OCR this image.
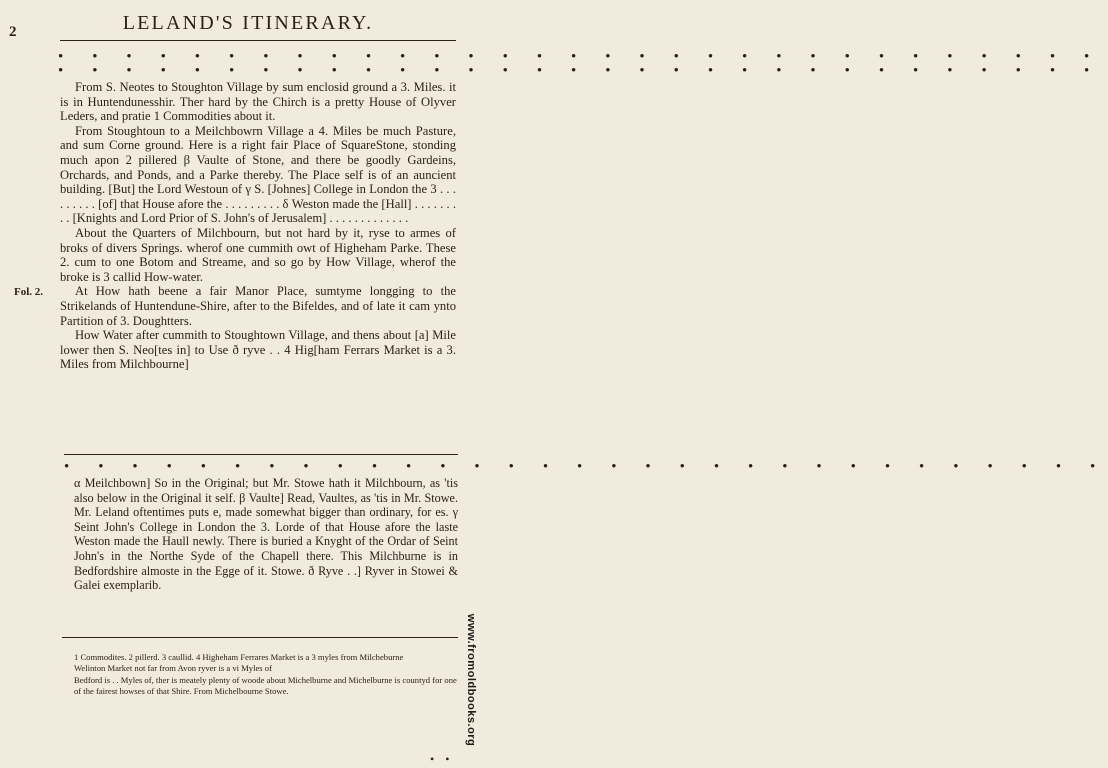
2	LELAND'S ITINERARY.
• • • • • • • • • • • • • • • • • • • • • • • • • • • • • • •
• • • • • • • • • • • • • • • • • • • • • • • • • • • • • • •
Fol. 2.

From S. Neotes to Stoughton Village by sum enclosid ground a 3. Miles. it is in Huntendunesshir. Ther hard by the Chirch is a pretty House of Olyver Leders, and pratie 1 Commodities about it.

From Stoughtoun to a Meilchbowrn Village a 4. Miles be much Pasture, and sum Corne ground. Here is a right fair Place of SquareStone, stonding much apon 2 pillered β Vaulte of Stone, and there be goodly Gardeins, Orchards, and Ponds, and a Parke thereby. The Place self is of an auncient building. [But] the Lord Westoun of γ S. [Johnes] College in London the 3 . . . . . . . . . [of] that House afore the . . . . . . . . . δ Weston made the [Hall] . . . . . . . . . [Knights and Lord Prior of S. John's of Jerusalem] . . . . . . . . . . . . .

About the Quarters of Milchbourn, but not hard by it, ryse to armes of broks of divers Springs. wherof one cummith owt of Higheham Parke. These 2. cum to one Botom and Streame, and so go by How Village, wherof the broke is 3 callid How-water.

At How hath beene a fair Manor Place, sumtyme longging to the Strikelands of Huntendune-Shire, after to the Bifeldes, and of late it cam ynto Partition of 3. Doughtters.

How Water after cummith to Stoughtown Village, and thens about [a] Mile lower then S. Neo[tes in] to Use ð ryve . . 4 Hig[ham Ferrars Market is a 3. Miles from Milchbourne]

• • • • • • • • • • • • • • • • • • • • • • • • • • • • • • •

α Meilchbown] So in the Original; but Mr. Stowe hath it Milchbourn, as 'tis also below in the Original it self. β Vaulte] Read, Vaultes, as 'tis in Mr. Stowe. Mr. Leland oftentimes puts e, made somewhat bigger than ordinary, for es. γ Seint John's College in London the 3. Lorde of that House afore the laste Weston made the Haull newly. There is buried a Knyght of the Ordar of Seint John's in the Northe Syde of the Chapell there. This Milchburne is in Bedfordshire almoste in the Egge of it. Stowe. ð Ryve . .] Ryver in Stowei & Galei exemplarib.

1 Commodites. 2 pillerd. 3 caullid. 4 Higheham Ferrares Market is a 3 myles from Milcheburne

Welinton Market not far from Avon ryver is a vi Myles of

Bedford is . . Myles of, ther is meately plenty of woode about Michelburne and Michelburne is countyd for one of the fairest howses of that Shire. From Michelbourne Stowe.	www.fromoldbooks.org
• •
